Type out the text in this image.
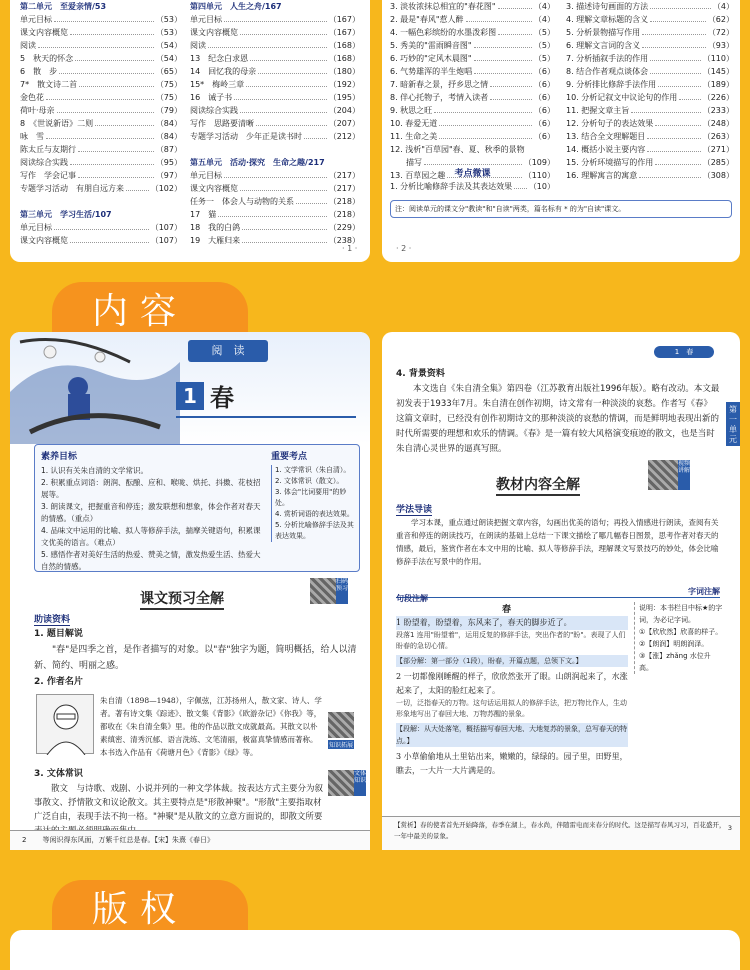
第二单元　至爱亲情/53
单元目标	（53）
课文内容概览	（53）
阅读	（54）
5　秋天的怀念	（54）
6　散　步	（65）
7*　散文诗二首	（75）
金色花	（75）
荷叶·母亲	（79）
8　《世说新语》二则	（84）
咏　雪	（84）
陈太丘与友期行	（87）
阅读综合实践	（95）
写作　学会记事	（97）
专题学习活动　有朋自远方来	（102）
第三单元　学习生活/107
单元目标	（107）
课文内容概览	（107）
第四单元　人生之舟/167
单元目标	（167）
课文内容概览	（167）
阅读	（168）
13　纪念白求恩	（168）
14　回忆我的母亲	（180）
15*　梅岭三章	（192）
16　诫子书	（195）
阅读综合实践	（204）
写作　思路要清晰	（207）
专题学习活动　少年正是读书时	（212）
第五单元　活动·探究　生命之趣/217
单元目标	（217）
课文内容概览	（217）
任务一　体会人与动物的关系	（218）
17　猫	（218）
18　我的白鸽	（229）
19　大雁归来	（238）
· 1 ·
3. 淡妆浓抹总相宜的"春花图"	（4）
2. 最是"春风"惹人醉	（4）
4. 一幅色彩缤纷的水墨泼彩图	（5）
5. 秀美的"雷雨瞬音图"	（5）
6. 巧妙的"定风木晨图"	（5）
6. 气势雄浑的半生炮唱	（6）
7. 暗新春之景，抒乡思之情	（6）
8. 伴心托物子，考情入读者	（6）
9. 秋思之旺	（6）
10. 春爱无道	（6）
11. 生命之美	（6）
12. 浅析"百草园"春、夏、秋季的景物
　　描写	（109）
13. 百草园之趣	（110）
考点微课
1. 分析比喻修辞手法及其表达效果 （10）
3. 描述诗句画面的方法	（4）
4. 理解文章标题的含义	（62）
5. 分析景物描写作用	（72）
6. 理解文言词的含义	（93）
7. 分析插叙手法的作用	（110）
8. 结合作者观点谈体会	（145）
9. 分析排比修辞手法作用	（189）
10. 分析记叙文中议论句的作用	（226）
11. 把握文章主旨	（233）
12. 分析句子的表达效果	（248）
13. 结合全文理解题目	（263）
14. 概括小说主要内容	（271）
15. 分析环境描写的作用	（285）
16. 理解寓言的寓意	（308）
注：阅读单元的课文分"教读"和"自读"两类，篇名标有 * 的为"自读"课文。
· 2 ·
内容
阅　读
1 春
素养目标	重要考点
1. 认识有关朱自清的文学常识。
2. 积累重点词语：朗润、酝酿、应和、喉咙、烘托、抖擞、花枝招展等。
3. 朗读课文，把握重音和停连；激发联想和想象，体会作者对春天的情感。（重点）
4. 品味文中运用的比喻、拟人等修辞手法，揣摩关键语句，积累课文优美的语言。（难点）
5. 感悟作者对美好生活的热爱、赞美之情，激发热爱生活、热爱大自然的情感。
1. 文学常识（朱自清）。
2. 文体常识（散文）。
3. 体会"比词要用"的妙处。
4. 赏析词语的表达效果。
5. 分析比喻修辞手法及其表达效果。
课文预习全解
扫码预习
助读资料
1. 题目解说
"春"是四季之首，是作者描写的对象。以"春"独字为题，简明概括，给人以清新、简约、明丽之感。
2. 作者名片
朱自清（1898—1948），字佩弦，江苏扬州人，散文家、诗人、学者。著有诗文集《踪迹》、散文集《背影》《欧游杂记》《你我》等，都收在《朱自清全集》里。他的作品以散文成就最高。其散文以朴素缜密、清秀沉郁、语言洗练、文笔清丽，极富真挚情感而著称。本书选入作品有《荷塘月色》《背影》《绿》等。
知识拓展
3. 文体常识
散文　与诗歌、戏剧、小说并列的一种文学体裁。按表达方式主要分为叙事散文、抒情散文和议论散文。其主要特点是"形散神聚"。"形散"主要指取材广泛自由，表现手法不拘一格。"神聚"是从散文的立意方面说的，即散文所要
文体知识
2 等闲识得东风面，万紫千红总是春。【宋】朱熹《春日》
1　春
第一单元
4. 背景资料
本文选自《朱自清全集》第四卷（江苏教育出版社1996年版）。略有改动。本文最初发表于1933年7月。朱自清在创作初期，诗文常有一种淡淡的哀愁。作者写《春》这篇文章时，已经没有创作初期诗文的那种淡淡的哀愁的情调，而是鲜明地表现出新的时代所需要的理想和欢乐的情调。《春》是一篇有较大风格演变痕迹的散文，也是当时朱自清心灵世界的逼真写照。
教材内容全解
视频讲解
学法导读
学习本课，重点通过朗读把握文章内容，勾画出优美的语句；再投入情感进行朗读，查阅有关重音和停连的朗读技巧，在朗读的基础上总结一下课文描绘了哪几幅春日图景，思考作者对春天的情感，最后，鉴赏作者在本文中用的比喻、拟人等修辞手法，理解课文写景技巧的妙处，体会比喻修辞手法在写景中的作用。
句段注解
字词注解
春
1 盼望着，盼望着，东风来了，春天的脚步近了。
段落1 连用"盼望着"，运用反复的修辞手法，突出作者的"盼"。表现了人们盼春的急切心情。
【部分解：第一部分（1段），盼春，开篇点题，总领下文。】
2 一切都像刚睡醒的样子，欣欣然张开了眼。山朗润起来了，水涨起来了，太阳的脸红起来了。
一切，泛指春天的万物。这句话运用拟人的修辞手法，把万物比作人，生动形象地写出了春回大地、万物苏醒的景象。
【段解：从大处落笔，概括描写春回大地、大地复苏的景象，总写春天的特点。】
3 小草偷偷地从土里钻出来，嫩嫩的，绿绿的。园子里，田野里，瞧去，一大片一大片满是的。
说明：本书栏目中标★的字词，为必记字词。
①【欣欣然】欣喜的样子。
②【朗润】明朗润泽。
③【涨】zhǎng 水位升高。
【赏析】春的使者首先开始降落，春季在湖上，春水尚，伴随雷电而来春分的时代。这是描写春风习习，百花盛开，一年中最美的景象。
3
版权
